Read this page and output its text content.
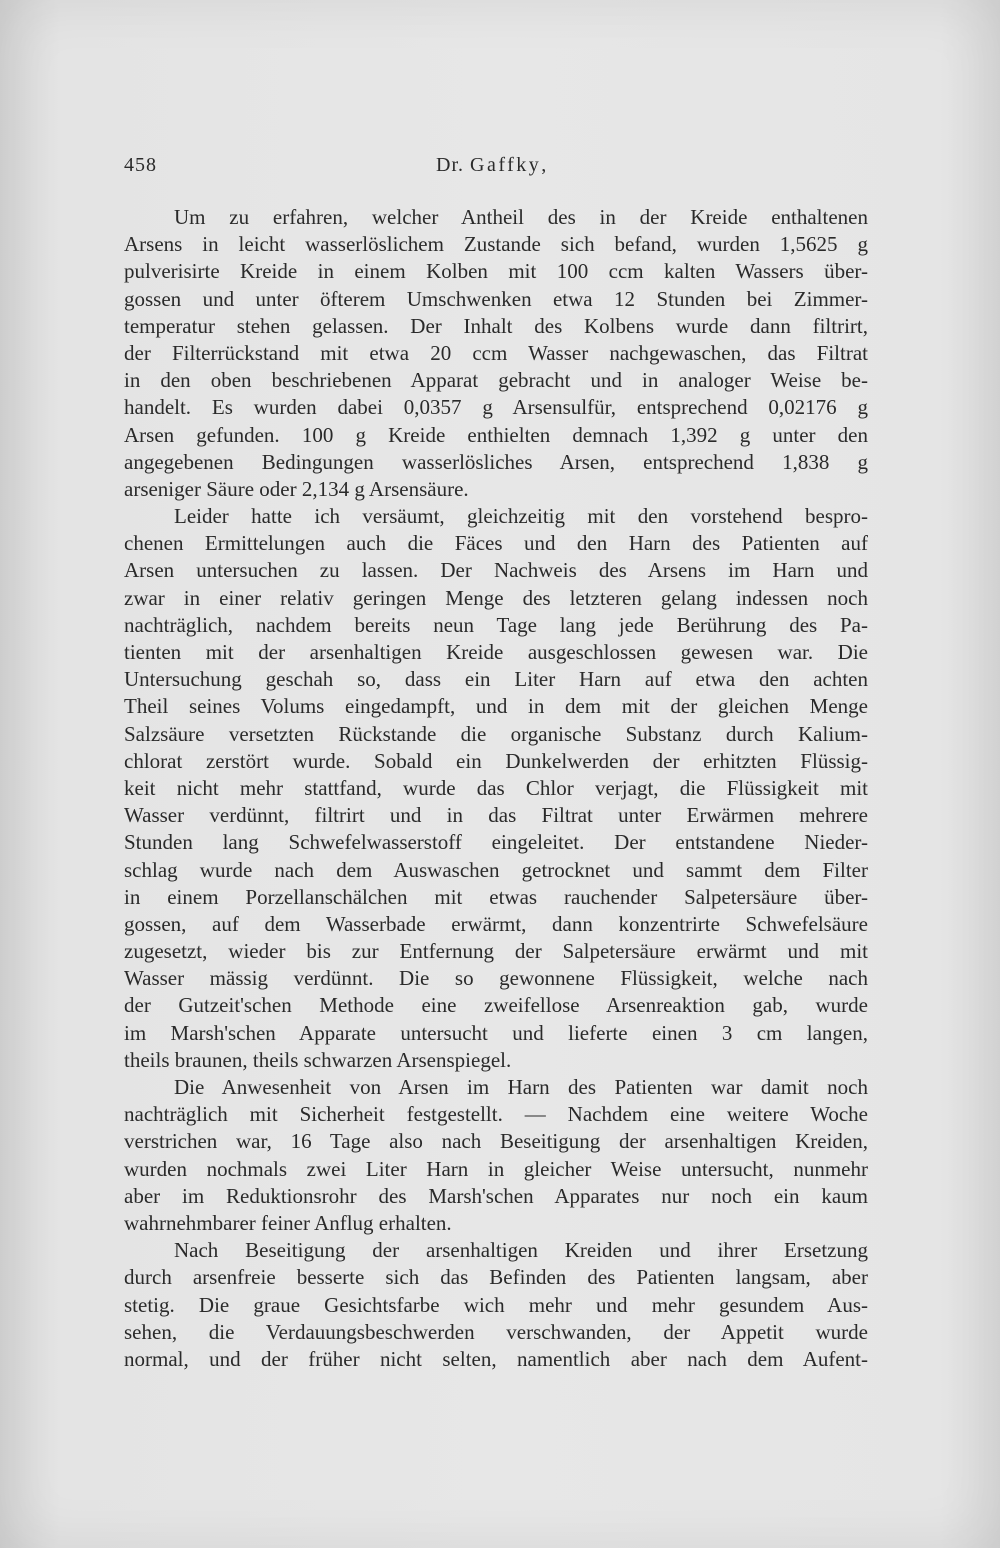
458	Dr. Gaffky,
Um zu erfahren, welcher Antheil des in der Kreide enthaltenen
Arsens in leicht wasserlöslichem Zustande sich befand, wurden 1,5625 g
pulverisirte Kreide in einem Kolben mit 100 ccm kalten Wassers über-
gossen und unter öfterem Umschwenken etwa 12 Stunden bei Zimmer-
temperatur stehen gelassen. Der Inhalt des Kolbens wurde dann filtrirt,
der Filterrückstand mit etwa 20 ccm Wasser nachgewaschen, das Filtrat
in den oben beschriebenen Apparat gebracht und in analoger Weise be-
handelt. Es wurden dabei 0,0357 g Arsensulfür, entsprechend 0,02176 g
Arsen gefunden. 100 g Kreide enthielten demnach 1,392 g unter den
angegebenen Bedingungen wasserlösliches Arsen, entsprechend 1,838 g
arseniger Säure oder 2,134 g Arsensäure.
Leider hatte ich versäumt, gleichzeitig mit den vorstehend bespro-
chenen Ermittelungen auch die Fäces und den Harn des Patienten auf
Arsen untersuchen zu lassen. Der Nachweis des Arsens im Harn und
zwar in einer relativ geringen Menge des letzteren gelang indessen noch
nachträglich, nachdem bereits neun Tage lang jede Berührung des Pa-
tienten mit der arsenhaltigen Kreide ausgeschlossen gewesen war. Die
Untersuchung geschah so, dass ein Liter Harn auf etwa den achten
Theil seines Volums eingedampft, und in dem mit der gleichen Menge
Salzsäure versetzten Rückstande die organische Substanz durch Kalium-
chlorat zerstört wurde. Sobald ein Dunkelwerden der erhitzten Flüssig-
keit nicht mehr stattfand, wurde das Chlor verjagt, die Flüssigkeit mit
Wasser verdünnt, filtrirt und in das Filtrat unter Erwärmen mehrere
Stunden lang Schwefelwasserstoff eingeleitet. Der entstandene Nieder-
schlag wurde nach dem Auswaschen getrocknet und sammt dem Filter
in einem Porzellanschälchen mit etwas rauchender Salpetersäure über-
gossen, auf dem Wasserbade erwärmt, dann konzentrirte Schwefelsäure
zugesetzt, wieder bis zur Entfernung der Salpetersäure erwärmt und mit
Wasser mässig verdünnt. Die so gewonnene Flüssigkeit, welche nach
der Gutzeit'schen Methode eine zweifellose Arsenreaktion gab, wurde
im Marsh'schen Apparate untersucht und lieferte einen 3 cm langen,
theils braunen, theils schwarzen Arsenspiegel.
Die Anwesenheit von Arsen im Harn des Patienten war damit noch
nachträglich mit Sicherheit festgestellt. — Nachdem eine weitere Woche
verstrichen war, 16 Tage also nach Beseitigung der arsenhaltigen Kreiden,
wurden nochmals zwei Liter Harn in gleicher Weise untersucht, nunmehr
aber im Reduktionsrohr des Marsh'schen Apparates nur noch ein kaum
wahrnehmbarer feiner Anflug erhalten.
Nach Beseitigung der arsenhaltigen Kreiden und ihrer Ersetzung
durch arsenfreie besserte sich das Befinden des Patienten langsam, aber
stetig. Die graue Gesichtsfarbe wich mehr und mehr gesundem Aus-
sehen, die Verdauungsbeschwerden verschwanden, der Appetit wurde
normal, und der früher nicht selten, namentlich aber nach dem Aufent-
